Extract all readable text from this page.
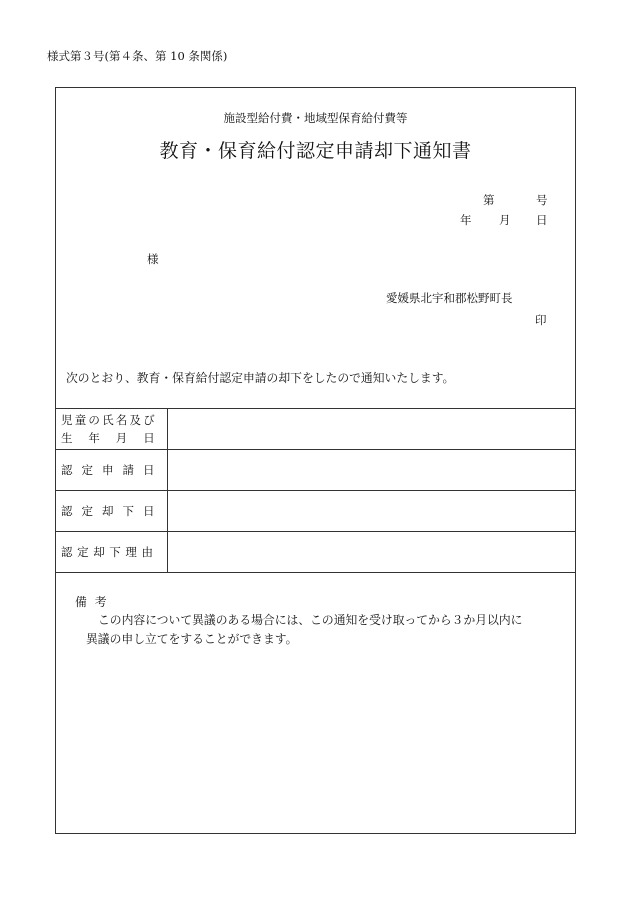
様式第３号(第４条、第 10 条関係)
施設型給付費・地域型保育給付費等
教育・保育給付認定申請却下通知書
第	号
年 月 日
様
愛媛県北宇和郡松野町長
印
次のとおり、教育・保育給付認定申請の却下をしたので通知いたします。
児童の氏名及び
生　年　月　日
認定申請日
認定却下日
認定却下理由
備考
この内容について異議のある場合には、この通知を受け取ってから３か月以内に
異議の申し立てをすることができます。
